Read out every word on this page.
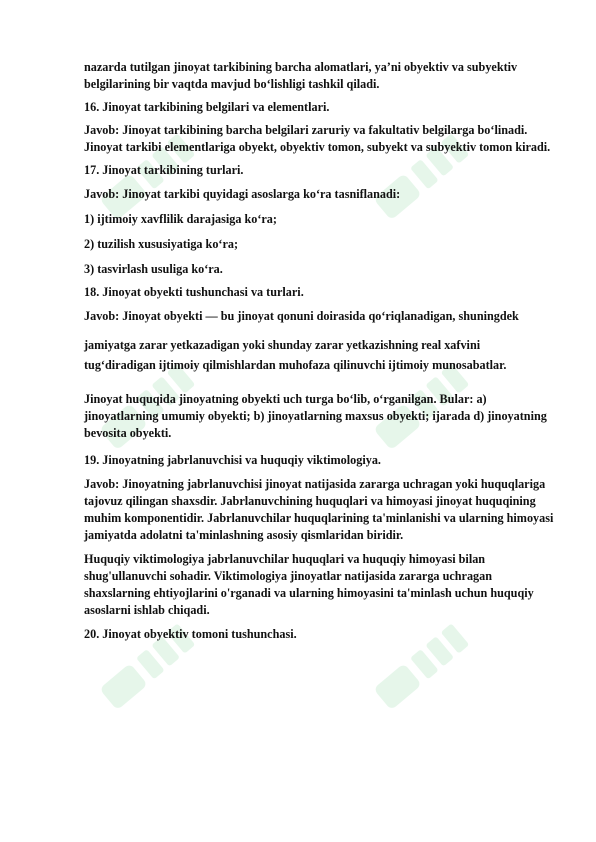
nazarda tutilgan jinoyat tarkibining barcha alomatlari, ya’ni obyektiv va subyektiv belgilarining bir vaqtda mavjud bo‘lishligi tashkil qiladi.

16. Jinoyat tarkibining belgilari va elementlari.

Javob: Jinoyat tarkibining barcha belgilari zaruriy va fakultativ belgilarga bo‘linadi. Jinoyat tarkibi elementlariga obyekt, obyektiv tomon, subyekt va subyektiv tomon kiradi.

17. Jinoyat tarkibining turlari.

Javob: Jinoyat tarkibi quyidagi asoslarga ko‘ra tasniflanadi:

1) ijtimoiy xavflilik darajasiga ko‘ra;

2) tuzilish xususiyatiga ko‘ra;

3) tasvirlash usuliga ko‘ra.

18. Jinoyat obyekti tushunchasi va turlari.

Javob: Jinoyat obyekti — bu jinoyat qonuni doirasida qo‘riqlanadigan, shuningdek

jamiyatga zarar yetkazadigan yoki shunday zarar yetkazishning real xafvini tug‘diradigan ijtimoiy qilmishlardan muhofaza qilinuvchi ijtimoiy munosabatlar.

Jinoyat huquqida jinoyatning obyekti uch turga bo‘lib, o‘rganilgan. Bular: a) jinoyatlarning umumiy obyekti; b) jinoyatlarning maxsus obyekti; ijarada d) jinoyatning bevosita obyekti.

19. Jinoyatning jabrlanuvchisi va huquqiy viktimologiya.

Javob: Jinoyatning jabrlanuvchisi jinoyat natijasida zararga uchragan yoki huquqlariga tajovuz qilingan shaxsdir. Jabrlanuvchining huquqlari va himoyasi jinoyat huquqining muhim komponentidir. Jabrlanuvchilar huquqlarining ta'minlanishi va ularning himoyasi jamiyatda adolatni ta'minlashning asosiy qismlaridan biridir.

Huquqiy viktimologiya jabrlanuvchilar huquqlari va huquqiy himoyasi bilan shug'ullanuvchi sohadir. Viktimologiya jinoyatlar natijasida zararga uchragan shaxslarning ehtiyojlarini o'rganadi va ularning himoyasini ta'minlash uchun huquqiy asoslarni ishlab chiqadi.

20. Jinoyat obyektiv tomoni tushunchasi.
